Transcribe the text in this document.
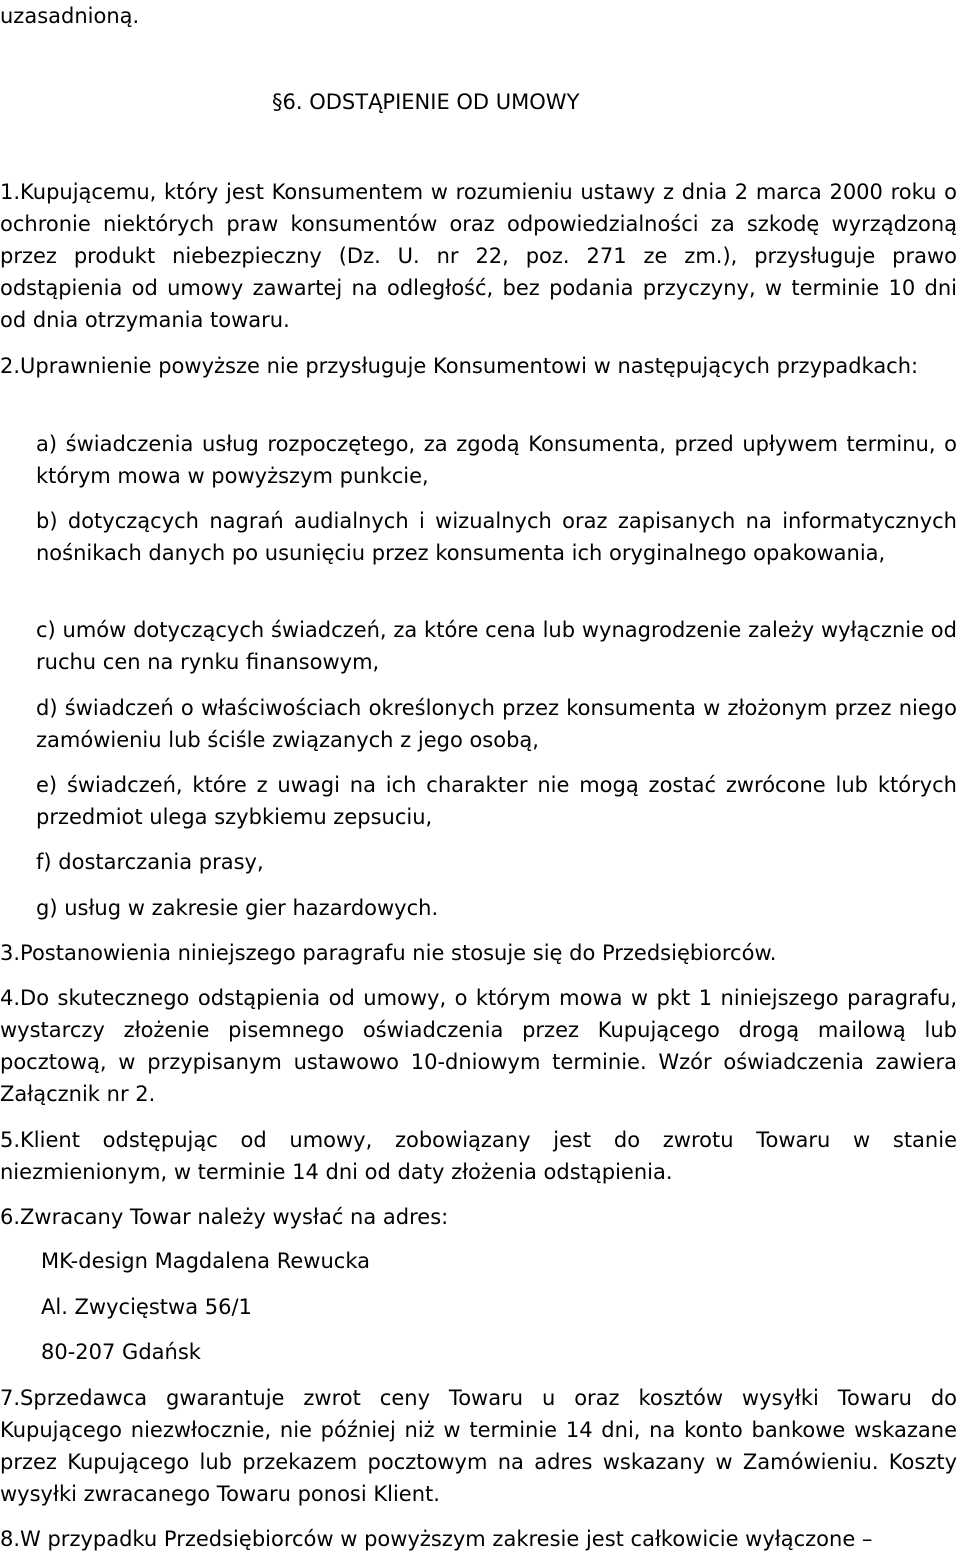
uzasadnioną.

§6. ODSTĄPIENIE OD UMOWY

1.Kupującemu, który jest Konsumentem w rozumieniu ustawy z dnia 2 marca 2000 roku o ochronie niektórych praw konsumentów oraz odpowiedzialności za szkodę wyrządzoną przez produkt niebezpieczny (Dz. U. nr 22, poz. 271 ze zm.), przysługuje prawo odstąpienia od umowy zawartej na odległość, bez podania przyczyny, w terminie 10 dni od dnia otrzymania towaru.

2.Uprawnienie powyższe nie przysługuje Konsumentowi w następujących przypadkach:

a) świadczenia usług rozpoczętego, za zgodą Konsumenta, przed upływem terminu, o którym mowa w powyższym punkcie,

b) dotyczących nagrań audialnych i wizualnych oraz zapisanych na informatycznych nośnikach danych po usunięciu przez konsumenta ich oryginalnego opakowania,

c) umów dotyczących świadczeń, za które cena lub wynagrodzenie zależy wyłącznie od ruchu cen na rynku finansowym,

d) świadczeń o właściwościach określonych przez konsumenta w złożonym przez niego zamówieniu lub ściśle związanych z jego osobą,

e) świadczeń, które z uwagi na ich charakter nie mogą zostać zwrócone lub których przedmiot ulega szybkiemu zepsuciu,

f) dostarczania prasy,

g) usług w zakresie gier hazardowych.

3.Postanowienia niniejszego paragrafu nie stosuje się do Przedsiębiorców.

4.Do skutecznego odstąpienia od umowy, o którym mowa w pkt 1 niniejszego paragrafu, wystarczy złożenie pisemnego oświadczenia przez Kupującego drogą mailową lub pocztową, w przypisanym ustawowo 10-dniowym terminie. Wzór oświadczenia zawiera Załącznik nr 2.

5.Klient odstępując od umowy, zobowiązany jest do zwrotu Towaru w stanie niezmienionym, w terminie 14 dni od daty złożenia odstąpienia.

6.Zwracany Towar należy wysłać na adres:

MK-design Magdalena Rewucka

Al. Zwycięstwa 56/1

80-207 Gdańsk

7.Sprzedawca gwarantuje zwrot ceny Towaru u oraz kosztów wysyłki Towaru do Kupującego niezwłocznie, nie później niż w terminie 14 dni, na konto bankowe wskazane przez Kupującego lub przekazem pocztowym na adres wskazany w Zamówieniu. Koszty wysyłki zwracanego Towaru ponosi Klient.

8.W przypadku Przedsiębiorców w powyższym zakresie jest całkowicie wyłączone –
